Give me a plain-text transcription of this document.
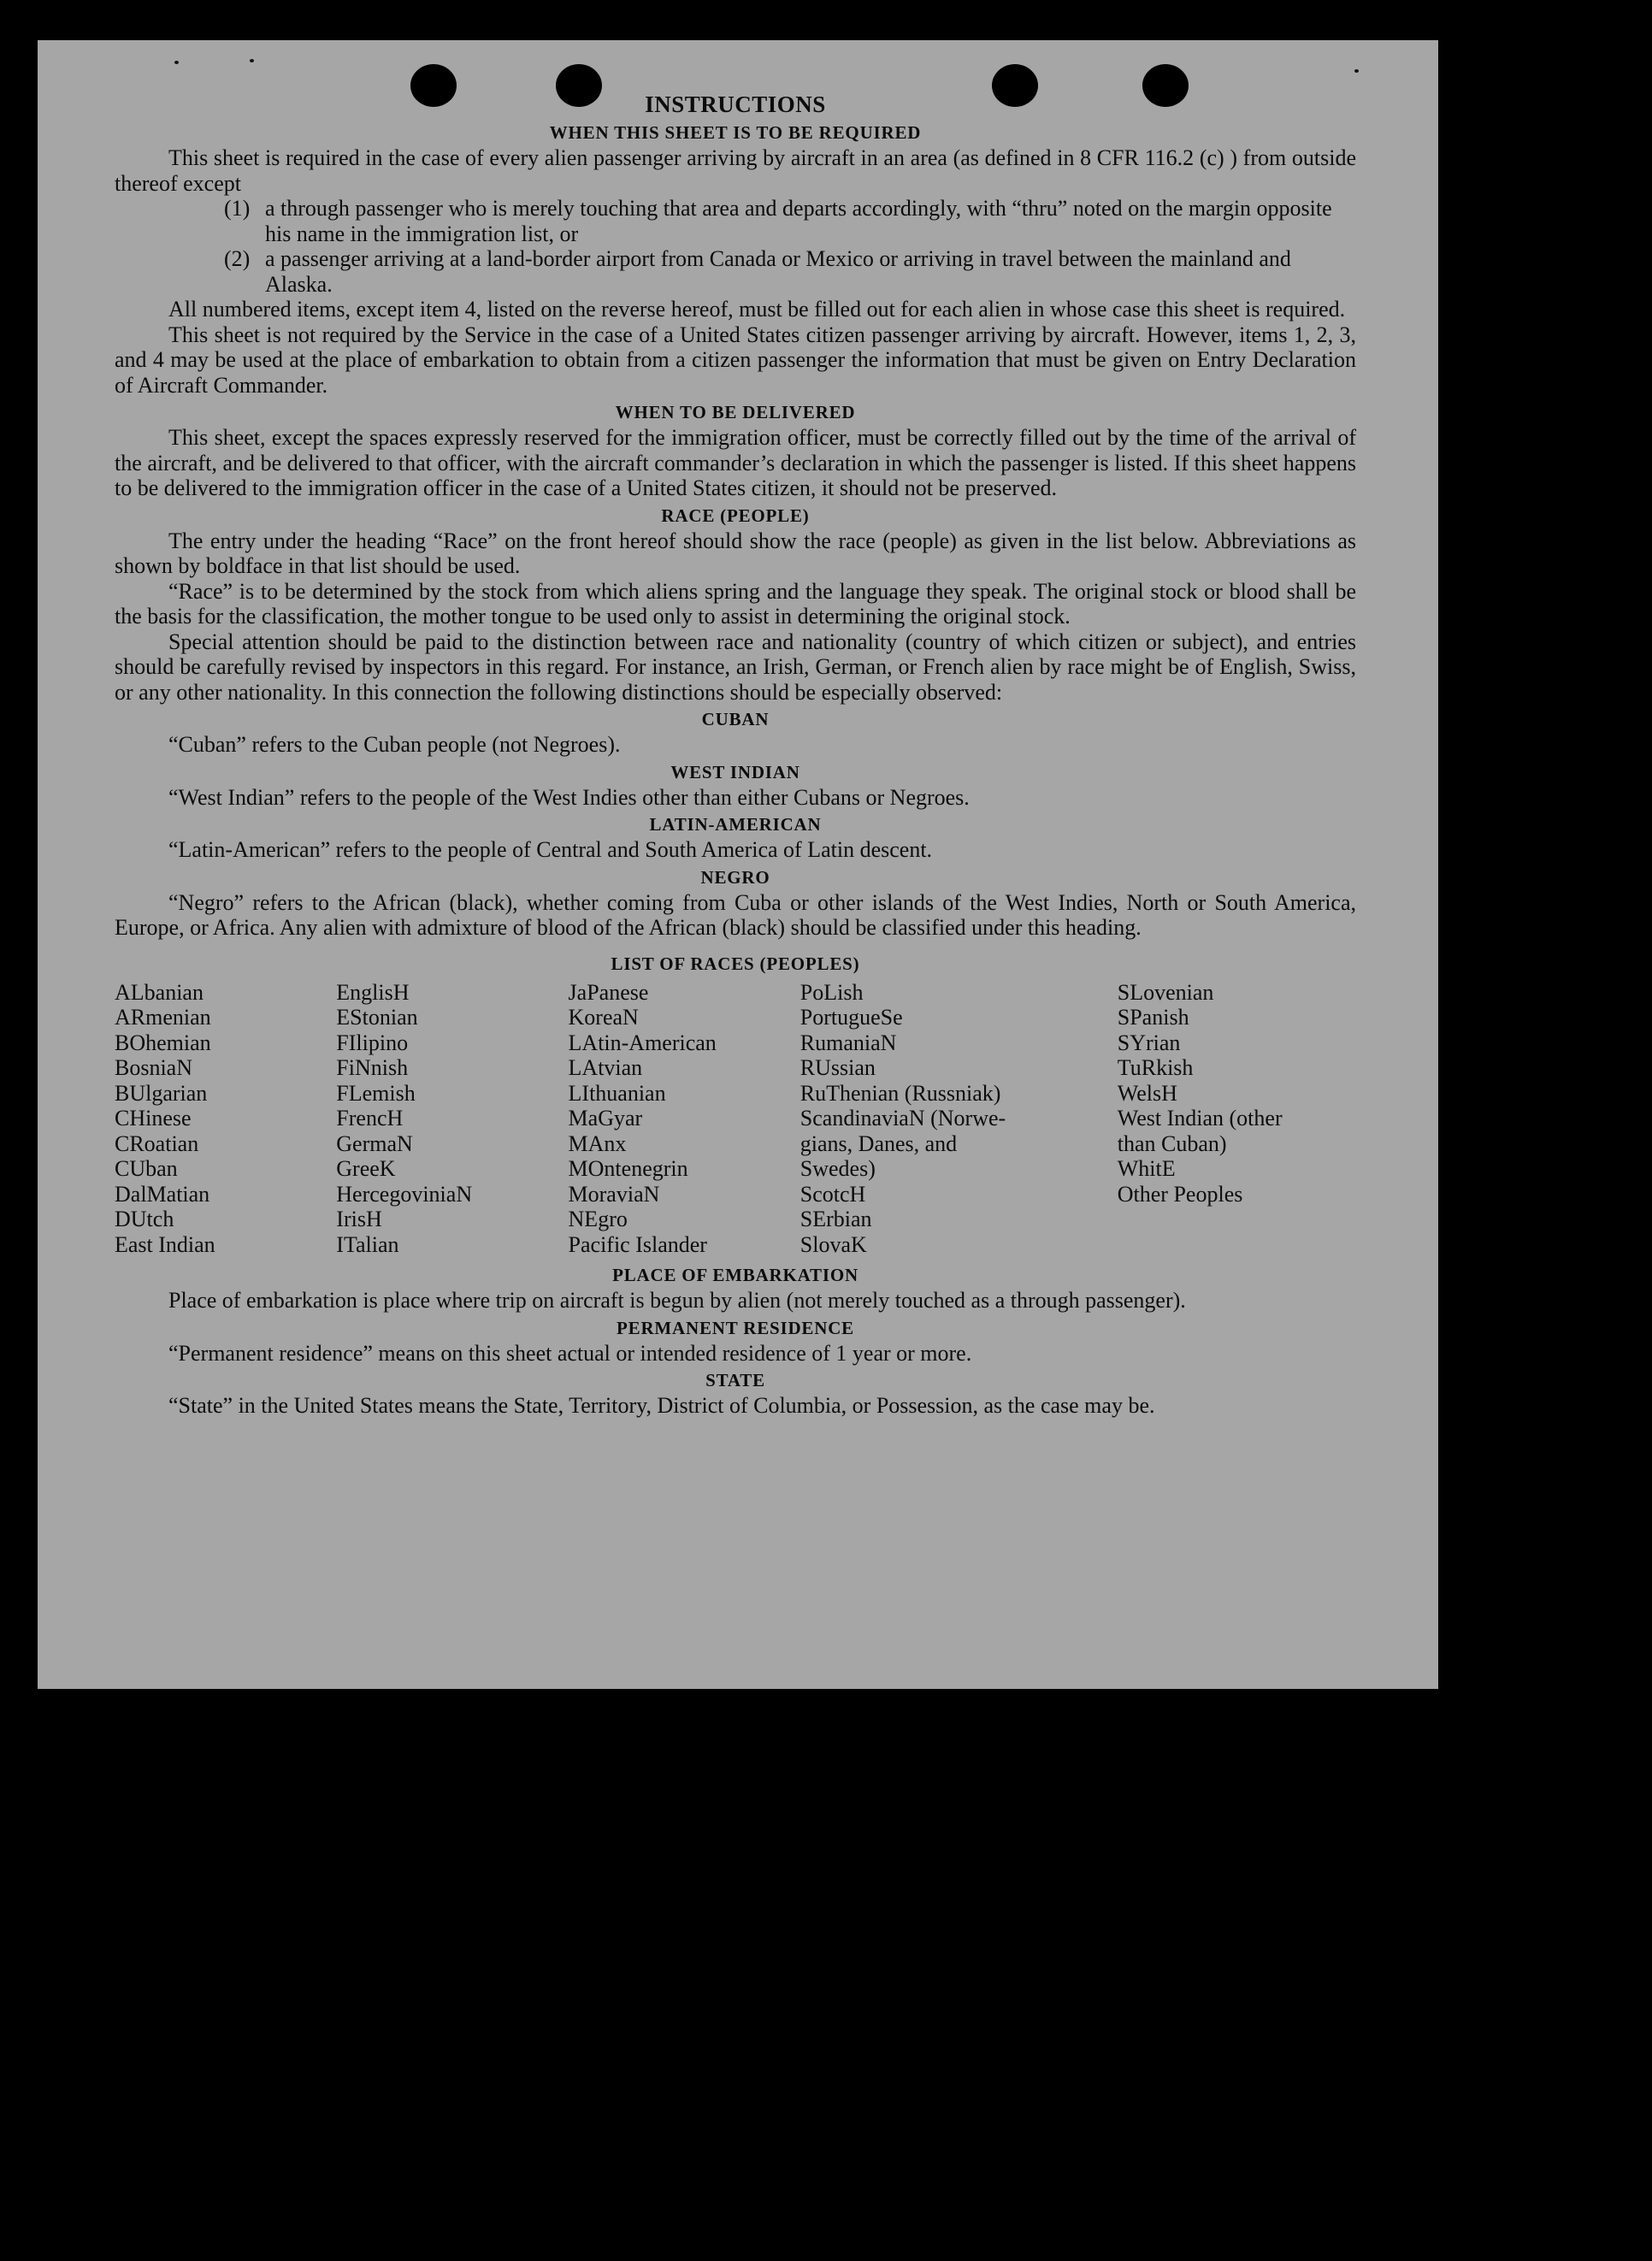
INSTRUCTIONS
WHEN THIS SHEET IS TO BE REQUIRED

This sheet is required in the case of every alien passenger arriving by aircraft in an area (as defined in 8 CFR 116.2 (c) ) from outside thereof except

(1) a through passenger who is merely touching that area and departs accordingly, with “thru” noted on the margin opposite his name in the immigration list, or
(2) a passenger arriving at a land-border airport from Canada or Mexico or arriving in travel between the mainland and Alaska.

All numbered items, except item 4, listed on the reverse hereof, must be filled out for each alien in whose case this sheet is required.

This sheet is not required by the Service in the case of a United States citizen passenger arriving by aircraft. However, items 1, 2, 3, and 4 may be used at the place of embarkation to obtain from a citizen passenger the information that must be given on Entry Declaration of Aircraft Commander.

WHEN TO BE DELIVERED

This sheet, except the spaces expressly reserved for the immigration officer, must be correctly filled out by the time of the arrival of the aircraft, and be delivered to that officer, with the aircraft commander’s declaration in which the passenger is listed. If this sheet happens to be delivered to the immigration officer in the case of a United States citizen, it should not be preserved.

RACE (PEOPLE)

The entry under the heading “Race” on the front hereof should show the race (people) as given in the list below. Abbreviations as shown by boldface in that list should be used.

“Race” is to be determined by the stock from which aliens spring and the language they speak. The original stock or blood shall be the basis for the classification, the mother tongue to be used only to assist in determining the original stock.

Special attention should be paid to the distinction between race and nationality (country of which citizen or subject), and entries should be carefully revised by inspectors in this regard. For instance, an Irish, German, or French alien by race might be of English, Swiss, or any other nationality. In this connection the following distinctions should be especially observed:

CUBAN

“Cuban” refers to the Cuban people (not Negroes).

WEST INDIAN

“West Indian” refers to the people of the West Indies other than either Cubans or Negroes.

LATIN-AMERICAN

“Latin-American” refers to the people of Central and South America of Latin descent.

NEGRO

“Negro” refers to the African (black), whether coming from Cuba or other islands of the West Indies, North or South America, Europe, or Africa. Any alien with admixture of blood of the African (black) should be classified under this heading.

LIST OF RACES (PEOPLES)
ALbanian
ARmenian
BOhemian
BosniaN
BUlgarian
CHinese
CRoatian
CUban
DalMatian
DUtch
East Indian
EnglisH
EStonian
FIlipino
FiNnish
FLemish
FrencH
GermaN
GreeK
HercegovinіaN
IrisH
ITalian
JaPanese
KoreaN
LAtin-American
LAtvian
LIthuanian
MaGyar
MAnx
MOntenegrin
MoraviaN
NEgro
Pacific Islander
PoLish
PortugueSe
RumaniaN
RUssian
RuThenian (Russniak)
ScandinaviaN (Norwe-
gians, Danes, and
Swedes)
ScotcH
SErbian
SlovaK
SLovenian
SPanish
SYrian
TuRkish
WelsH
West Indian (other
than Cuban)
WhitE
Other Peoples
PLACE OF EMBARKATION

Place of embarkation is place where trip on aircraft is begun by alien (not merely touched as a through passenger).

PERMANENT RESIDENCE

“Permanent residence” means on this sheet actual or intended residence of 1 year or more.

STATE

“State” in the United States means the State, Territory, District of Columbia, or Possession, as the case may be.
